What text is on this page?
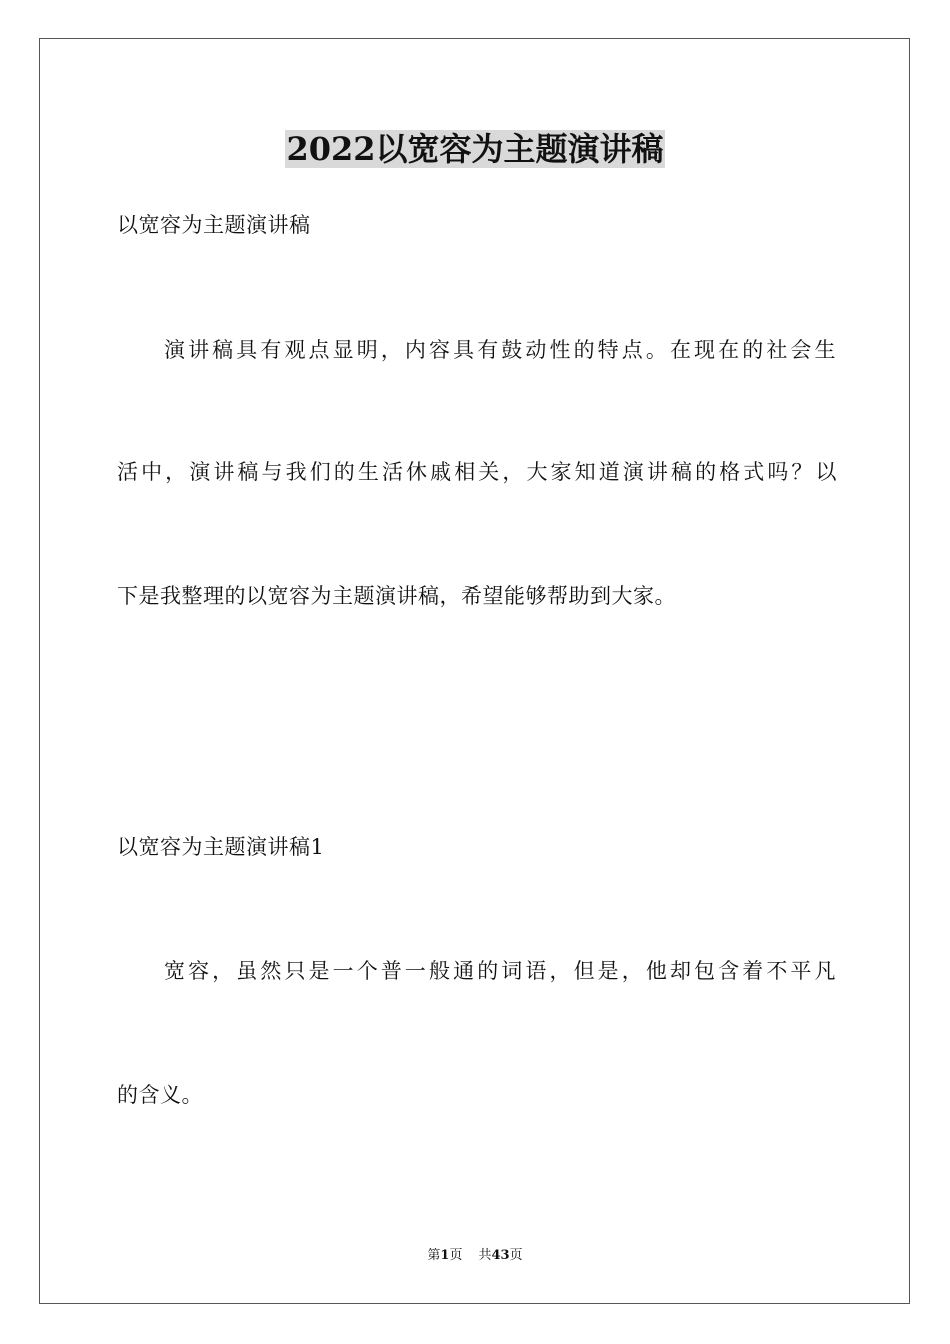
2022以宽容为主题演讲稿
以宽容为主题演讲稿
演讲稿具有观点显明，内容具有鼓动性的特点。在现在的社会生
活中，演讲稿与我们的生活休戚相关，大家知道演讲稿的格式吗？以
下是我整理的以宽容为主题演讲稿，希望能够帮助到大家。
以宽容为主题演讲稿1
宽容，虽然只是一个普一般通的词语，但是，他却包含着不平凡
的含义。
第1页 共43页
